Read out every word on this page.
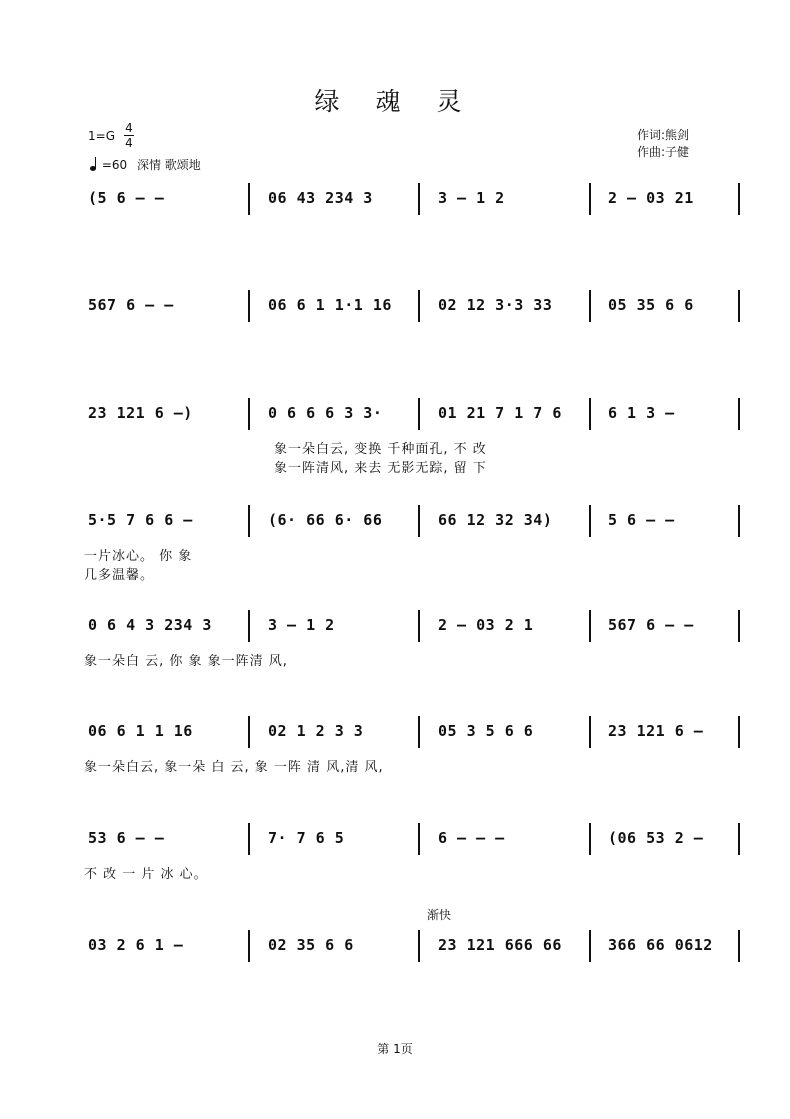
绿 魂 灵
1=G
4
4
=60 深情 歌颂地
作词:熊剑
作曲:子健
(5 6 – –	06 43 234 3	3 – 1 2	2 – 03 21
567 6 – –	06 6 1 1·1 16	02 12 3·3 33	05 35 6 6
23 121 6 –)	0 6 6 6 3 3·	01 21 7 1 7 6	6 1 3 –
象一朵白云, 变换 千种面孔, 不 改
象一阵清风, 来去 无影无踪, 留 下
5·5 7 6 6 –	(6· 66 6· 66	66 12 32 34)	5 6 – –
一片冰心。 你 象
几多温馨。
0 6 4 3 234 3	3 – 1 2	2 – 03 2 1	567 6 – –
象一朵白 云, 你 象 象一阵清 风,
06 6 1 1 16	02 1 2 3 3	05 3 5 6 6	23 121 6 –
象一朵白云, 象一朵 白 云, 象 一阵 清 风,清 风,
53 6 – –	7· 7 6 5	6 – – –	(06 53 2 –
不 改 一 片 冰 心。
03 2 6 1 –	02 35 6 6	23 121 666 66	366 66 0612
渐快
第 1页
